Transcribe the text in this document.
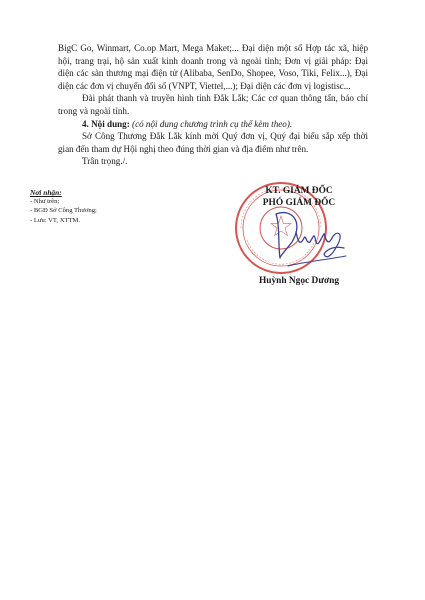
BigC Go, Winmart, Co.op Mart, Mega Maket;... Đại diện một số Hợp tác xã, hiệp hội, trang trại, hộ sản xuất kinh doanh trong và ngoài tỉnh; Đơn vị giải pháp: Đại diện các sàn thương mại điện tử (Alibaba, SenDo, Shopee, Voso, Tiki, Felix...), Đại diện các đơn vị chuyển đổi số (VNPT, Viettel,...); Đại diện các đơn vị logistisc...

Đài phát thanh và truyền hình tỉnh Đắk Lắk; Các cơ quan thông tấn, báo chí trong và ngoài tỉnh.

4. Nội dung: (có nội dung chương trình cụ thể kèm theo).

Sở Công Thương Đắk Lắk kính mời Quý đơn vị, Quý đại biểu sắp xếp thời gian đến tham dự Hội nghị theo đúng thời gian và địa điểm như trên.

Trân trọng./.

Nơi nhận:
- Như trên;
- BGĐ Sở Công Thương;
- Lưu: VT, XTTM.
KT. GIÁM ĐỐC
PHÓ GIÁM ĐỐC
Huỳnh Ngọc Dương
